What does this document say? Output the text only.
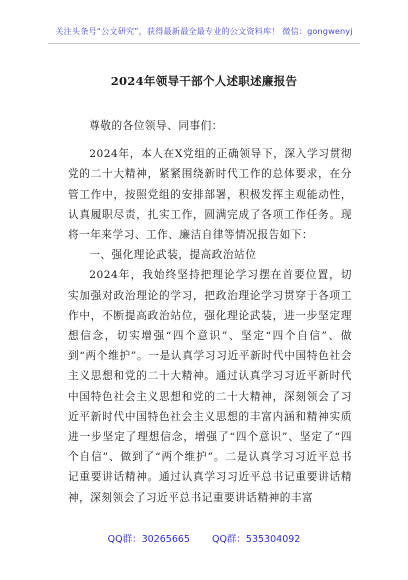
关注头条号“公文研究”，获得最新最全最专业的公文资料库！ 微信：gongwenyj
2024年领导干部个人述职述廉报告

尊敬的各位领导、同事们：

2024年，本人在X党组的正确领导下，深入学习贯彻党的二十大精神，紧紧围绕新时代工作的总体要求，在分管工作中，按照党组的安排部署，积极发挥主观能动性，认真履职尽责，扎实工作，圆满完成了各项工作任务。现将一年来学习、工作、廉洁自律等情况报告如下：

一、强化理论武装，提高政治站位

2024年，我始终坚持把理论学习摆在首要位置，切实加强对政治理论的学习，把政治理论学习贯穿于各项工作中，不断提高政治站位，强化理论武装，进一步坚定理想信念，切实增强“四个意识”、坚定“四个自信”、做到“两个维护”。一是认真学习习近平新时代中国特色社会主义思想和党的二十大精神。通过认真学习习近平新时代中国特色社会主义思想和党的二十大精神，深刻领会了习近平新时代中国特色社会主义思想的丰富内涵和精神实质进一步坚定了理想信念，增强了“四个意识”、坚定了“四个自信”、做到了“两个维护”。二是认真学习习近平总书记重要讲话精神。通过认真学习习近平总书记重要讲话精神，深刻领会了习近平总书记重要讲话精神的丰富

QQ群：30265665 QQ群：535304092
